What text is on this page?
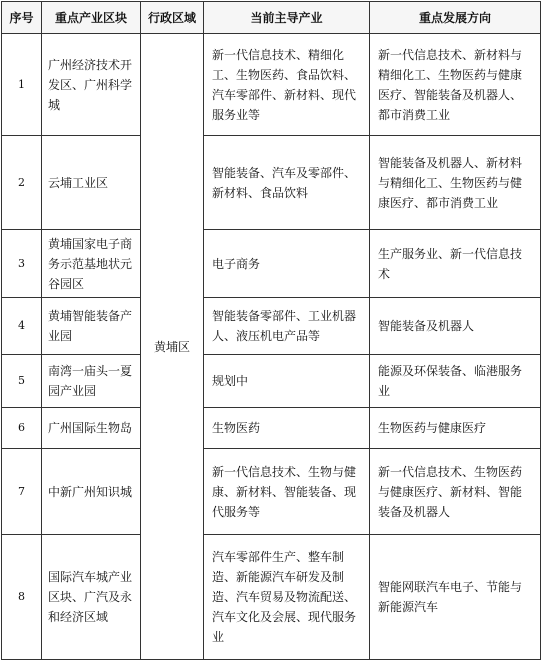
序号	重点产业区块	行政区域	当前主导产业	重点发展方向
1	广州经济技术开发区、广州科学城	黄埔区	新一代信息技术、精细化工、生物医药、食品饮料、汽车零部件、新材料、现代服务业等	新一代信息技术、新材料与精细化工、生物医药与健康医疗、智能装备及机器人、都市消费工业
2	云埔工业区		智能装备、汽车及零部件、新材料、食品饮料	智能装备及机器人、新材料与精细化工、生物医药与健康医疗、都市消费工业
3	黄埔国家电子商务示范基地状元谷园区		电子商务	生产服务业、新一代信息技术
4	黄埔智能装备产业园		智能装备零部件、工业机器人、液压机电产品等	智能装备及机器人
5	南湾一庙头一夏园产业园		规划中	能源及环保装备、临港服务业
6	广州国际生物岛		生物医药	生物医药与健康医疗
7	中新广州知识城		新一代信息技术、生物与健康、新材料、智能装备、现代服务等	新一代信息技术、生物医药与健康医疗、新材料、智能装备及机器人
8	国际汽车城产业区块、广汽及永和经济区域		汽车零部件生产、整车制造、新能源汽车研发及制造、汽车贸易及物流配送、汽车文化及会展、现代服务业	智能网联汽车电子、节能与新能源汽车
